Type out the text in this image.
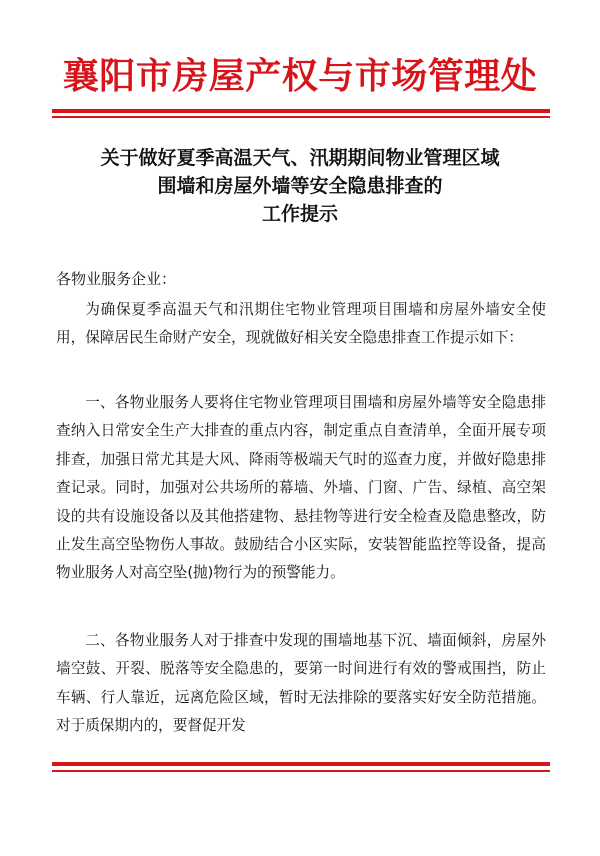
襄阳市房屋产权与市场管理处
关于做好夏季高温天气、汛期期间物业管理区域
围墙和房屋外墙等安全隐患排查的
工作提示
各物业服务企业：

为确保夏季高温天气和汛期住宅物业管理项目围墙和房屋外墙安全使用，保障居民生命财产安全，现就做好相关安全隐患排查工作提示如下：

一、各物业服务人要将住宅物业管理项目围墙和房屋外墙等安全隐患排查纳入日常安全生产大排查的重点内容，制定重点自查清单，全面开展专项排查，加强日常尤其是大风、降雨等极端天气时的巡查力度，并做好隐患排查记录。同时，加强对公共场所的幕墙、外墙、门窗、广告、绿植、高空架设的共有设施设备以及其他搭建物、悬挂物等进行安全检查及隐患整改，防止发生高空坠物伤人事故。鼓励结合小区实际，安装智能监控等设备，提高物业服务人对高空坠(抛)物行为的预警能力。

二、各物业服务人对于排查中发现的围墙地基下沉、墙面倾斜，房屋外墙空鼓、开裂、脱落等安全隐患的，要第一时间进行有效的警戒围挡，防止车辆、行人靠近，远离危险区域，暂时无法排除的要落实好安全防范措施。对于质保期内的，要督促开发
